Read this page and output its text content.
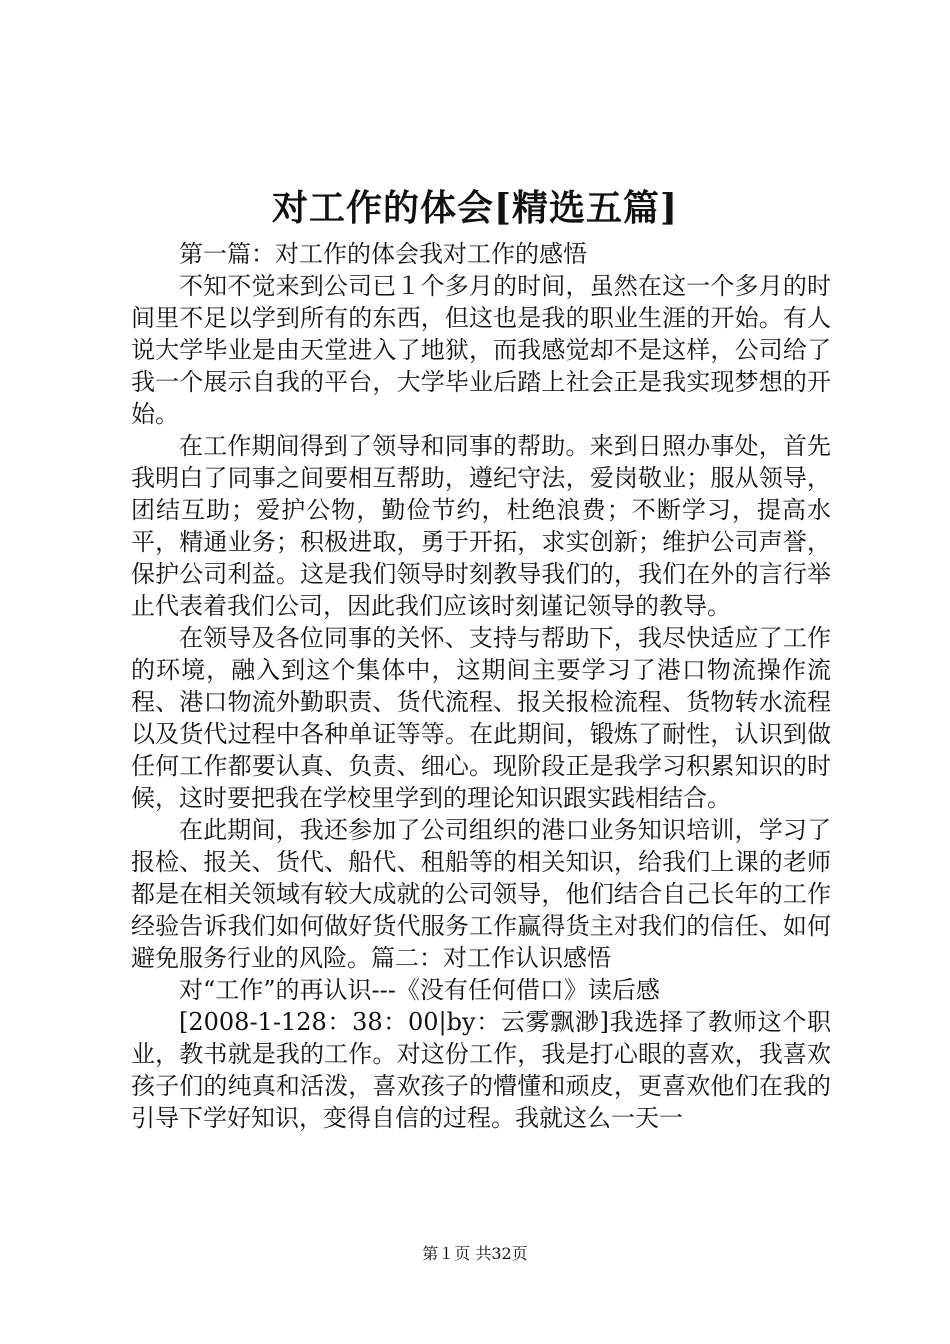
对工作的体会[精选五篇]

第一篇：对工作的体会我对工作的感悟

不知不觉来到公司已１个多月的时间，虽然在这一个多月的时间里不足以学到所有的东西，但这也是我的职业生涯的开始。有人说大学毕业是由天堂进入了地狱，而我感觉却不是这样，公司给了我一个展示自我的平台，大学毕业后踏上社会正是我实现梦想的开始。

在工作期间得到了领导和同事的帮助。来到日照办事处，首先我明白了同事之间要相互帮助，遵纪守法，爱岗敬业；服从领导，团结互助；爱护公物，勤俭节约，杜绝浪费；不断学习，提高水平，精通业务；积极进取，勇于开拓，求实创新；维护公司声誉，保护公司利益。这是我们领导时刻教导我们的，我们在外的言行举止代表着我们公司，因此我们应该时刻谨记领导的教导。

在领导及各位同事的关怀、支持与帮助下，我尽快适应了工作的环境，融入到这个集体中，这期间主要学习了港口物流操作流程、港口物流外勤职责、货代流程、报关报检流程、货物转水流程以及货代过程中各种单证等等。在此期间，锻炼了耐性，认识到做任何工作都要认真、负责、细心。现阶段正是我学习积累知识的时候，这时要把我在学校里学到的理论知识跟实践相结合。

在此期间，我还参加了公司组织的港口业务知识培训，学习了报检、报关、货代、船代、租船等的相关知识，给我们上课的老师都是在相关领域有较大成就的公司领导，他们结合自己长年的工作经验告诉我们如何做好货代服务工作赢得货主对我们的信任、如何避免服务行业的风险。篇二：对工作认识感悟

对“工作”的再认识---《没有任何借口》读后感

[2008-1-128：38：00|by：云雾飘渺]我选择了教师这个职业，教书就是我的工作。对这份工作，我是打心眼的喜欢，我喜欢孩子们的纯真和活泼，喜欢孩子的懵懂和顽皮，更喜欢他们在我的引导下学好知识，变得自信的过程。我就这么一天一

第１页 共32页
